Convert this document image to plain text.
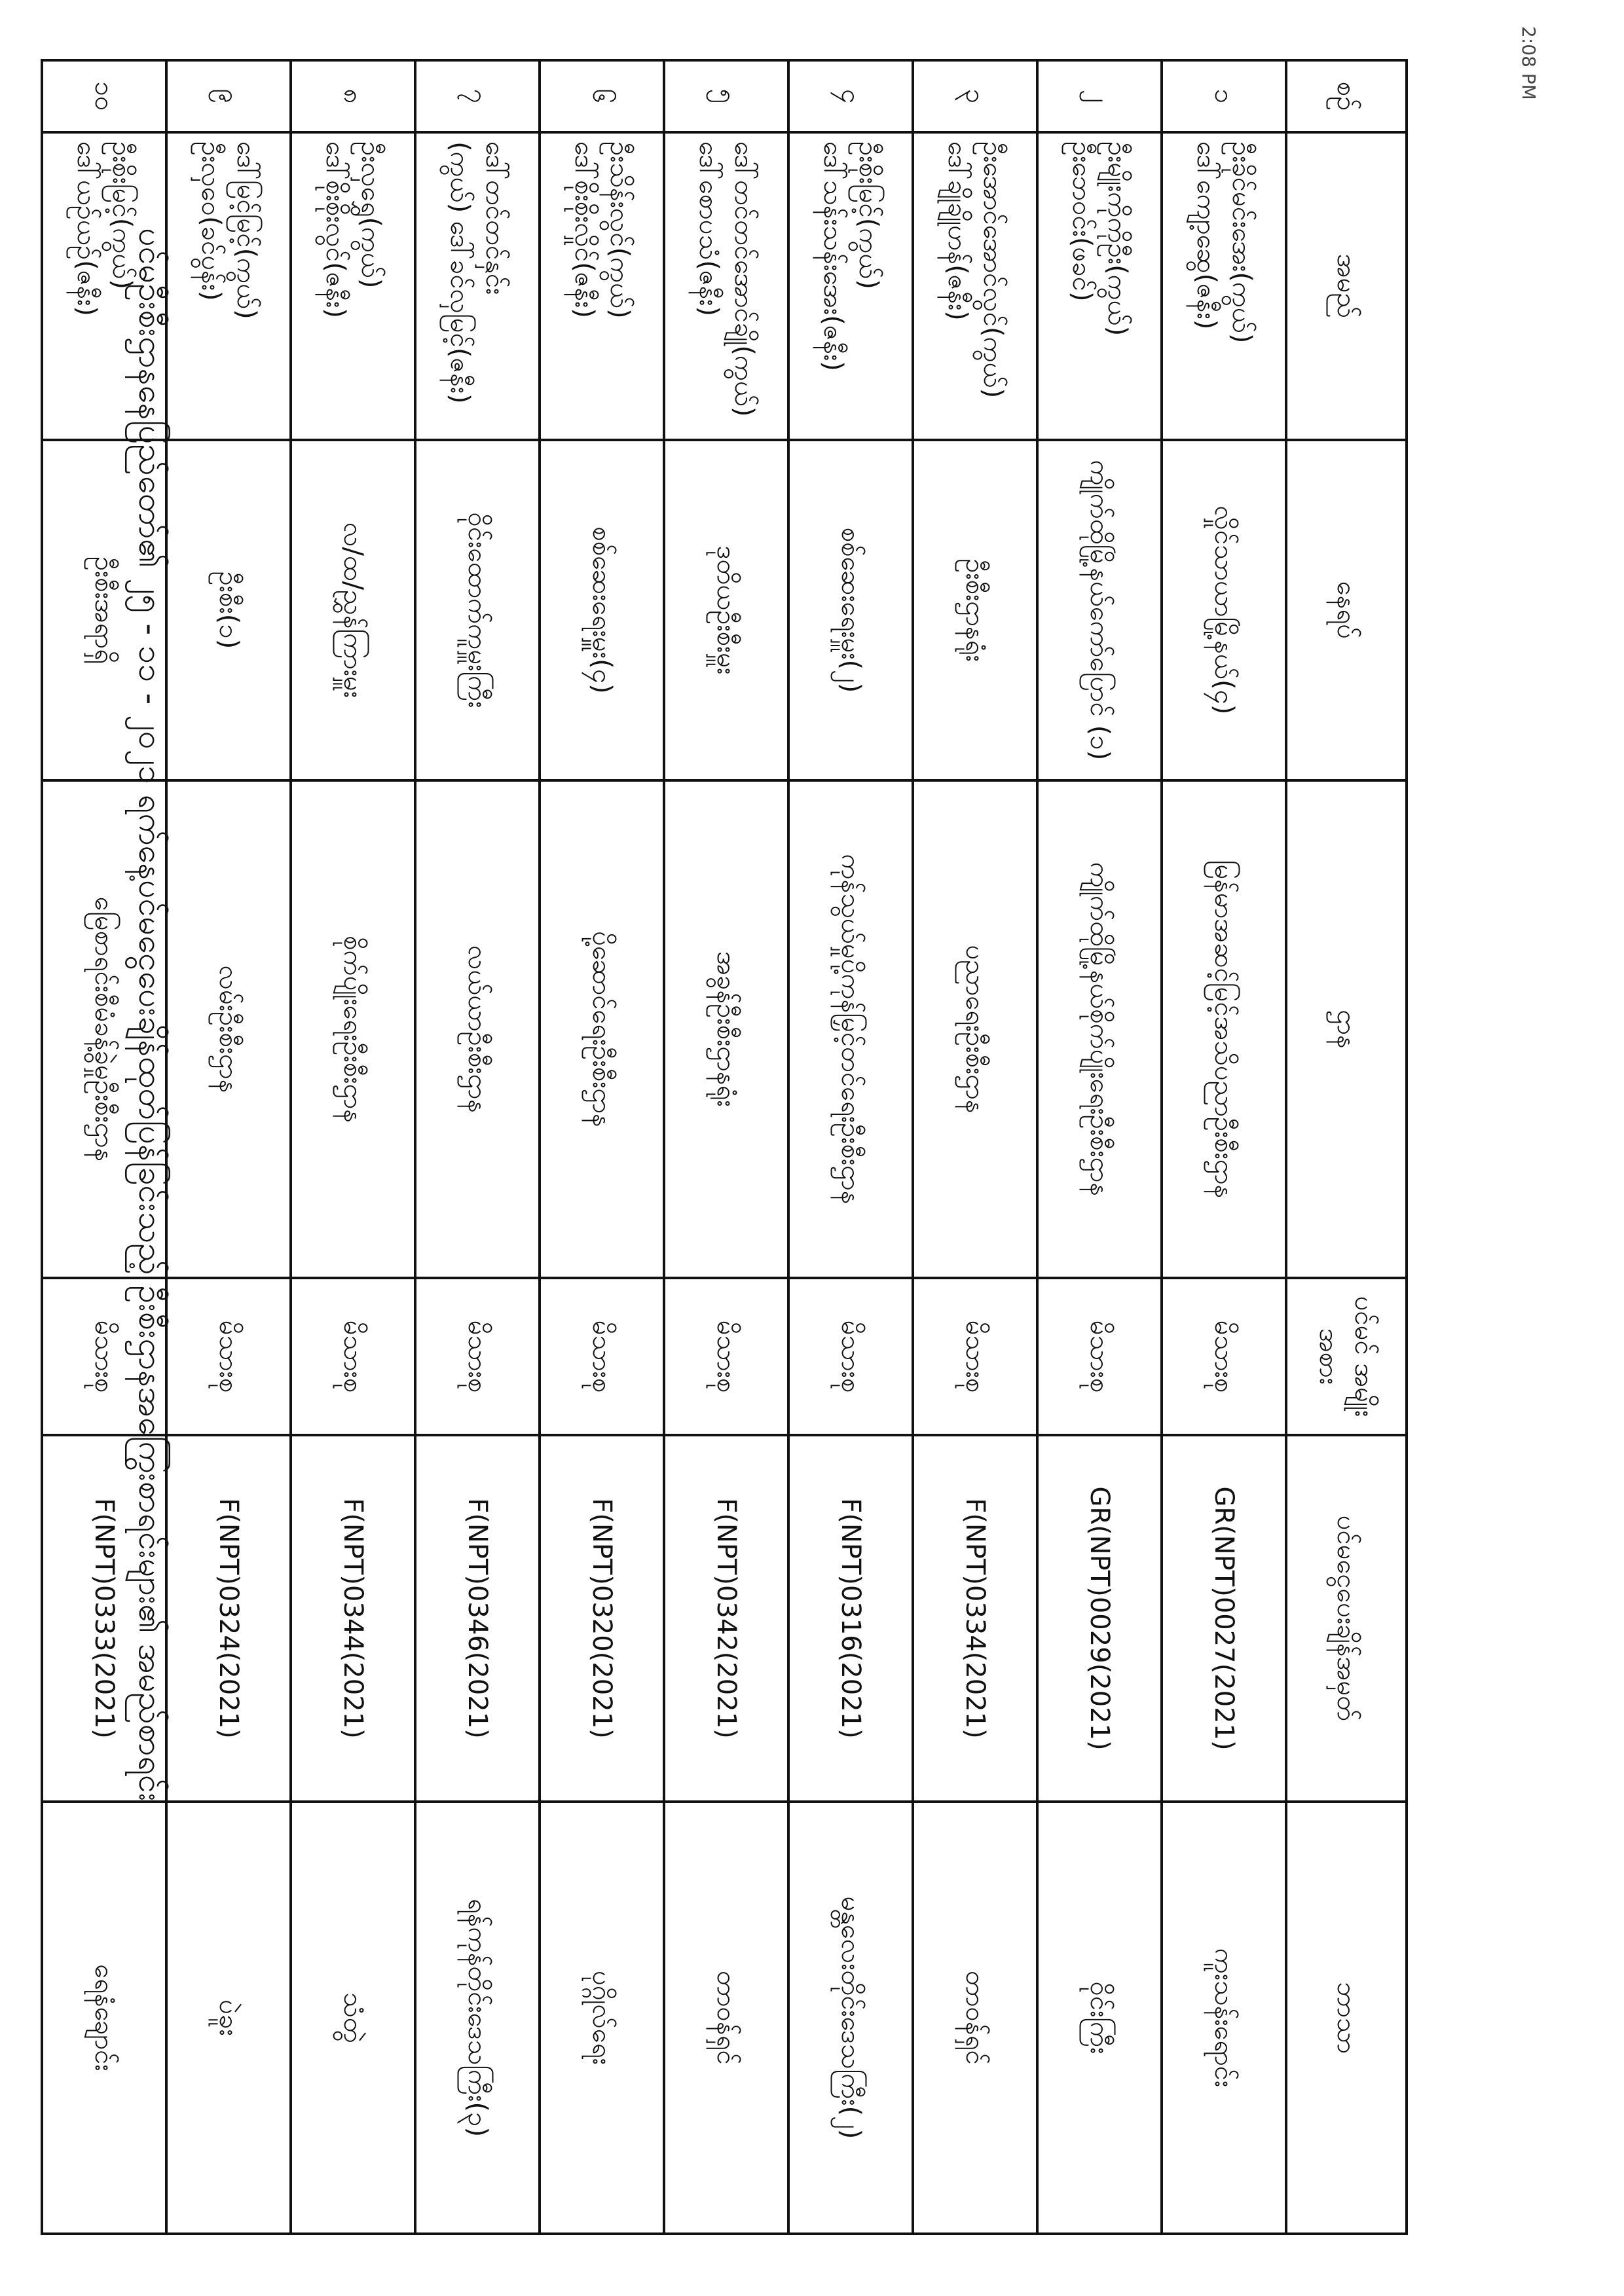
2:08 PM
ပင်မဦးစီးဌာနနေပြည်တော်၏ ၂၅ - ၁၁ - ၂၀၂၁ ရက်နေ့ပင်မငွေပေးချိန်ထုတ်ပြန်ခြင်းသည့် ဦးစီးဌာနအကြွေးစာရင်းများ၏ အမည်စာရင်း
စဉ်	အမည်	နေရပ်	ဌာန	ပင်မင် အမျိုးအစား	ပင်မငွေပေးချိန်အမှတ်	ဘာသာ
၁	ဦးခိုင်မင်းအေး(ကွယ်)
ဒေါ်ကျော့ဆွေ(ဇနီး)	လှိုင်သာယာမြို့နယ်(၄)	မြန်မာအဆင့်မြင့်အသိပညာဦးစီးဌာန	မိသားစု	GR(NPT)0027(2021)	ကူးသန်းရောင်း
၂	ဦးမျိုးကိုကိုဦး(ကွယ်)
ဦးဘေဝင်း(ဖခင်)	ကျိုက်ထိုမြို့နယ်ကော်ပြောင် (၁)	ကျိုက်ထိုမြို့နယ်စိုက်ပျိုးရေးဦးစီးဌာန	မိသားစု	GR(NPT)0029(2021)	ဝိုင်းကြီး
၃	ဦးအောင်အောင်လွင်(ကွယ်)
ဒေါ်ချိုချိုဟန်(ဇနီး)	ဦးစီးဌာနရုံး	ပညာရေးဦးစီးဌာန	မိသားစု	F(NPT)0334(2021)	တာဝန်ရှင်
၄	ဦးစိုးမြင့်(ကွယ်)
ဒေါ်သန်းသန်းအေး(ဇနီး)	စစ်ဆေးရေးမှူး(၂)	ကုန်သွယ်မှုပို့ကုန်မြှင့်တင်ရေးဦးစီးဌာန	မိသားစု	F(NPT)0316(2021)	မန္တလေးတိုင်းဒေသကြီး(၂)
၅	ဒေါ်တင်တင်အောင်ချို(ကွယ်)
ဒေါ်စောပသံ(ဇနီး)	ဒုတိယဦးစီးမှူး	အခွန်ဦးစီးဌာနရုံး	မိသားစု	F(NPT)0342(2021)	တာဝန်ရှင်
၆	ဦးသိန်းလွင်(ကွယ်)
ဒေါ်စိုးစိုးလှိုင်(ဇနီး)	စစ်ဆေးရေးမှူး(၄)	ပို့ဆောင်ရေးဦးစီးဌာန	မိသားစု	F(NPT)0320(2021)	ပုဂ္ဂိုလ်ရေး
၇	ဒေါ်တင်တင်နှင်း
(ကွယ်) ဒေါ်ခင်လှမြင့်(ဇနီး)	ဝိုင်းထောက်ကူမှူးကြီး	လယ်ယာဦးစီးဌာန	မိသားစု	F(NPT)0346(2021)	ရန်ကုန်တိုင်းဒေသကြီး(၃)
၈	ဦးလှရွှေ(ကွယ်)
ဒေါ်စိုးစိုးလွင်(ဇနီး)	လ/ထ/ညွှန်ကြားမှူး	စိုက်ပျိုးရေးဦးစီးဌာန	မိသားစု	F(NPT)0344(2021)	သံတွဲ
၉	ဒေါ်မြင့်မြင့်(ကွယ်)
ဦးလှဝေ(ခင်ပွန်း)	ဦးစီး(၁)	လမ်းဦးစီးဌာန	မိသားစု	F(NPT)0324(2021)	ပဲခူး
၁၀	ဦးစိုးမြင့်(ကွယ်)
ဒေါ်ယဉ်ယဉ်(ဇနီး)	ဦးစီးအရာရှိ	မြေစာရင်းစီမံခန့်ခွဲမှုဦးစီးဌာန	မိသားစု	F(NPT)0333(2021)	ရေနံချောင်း
